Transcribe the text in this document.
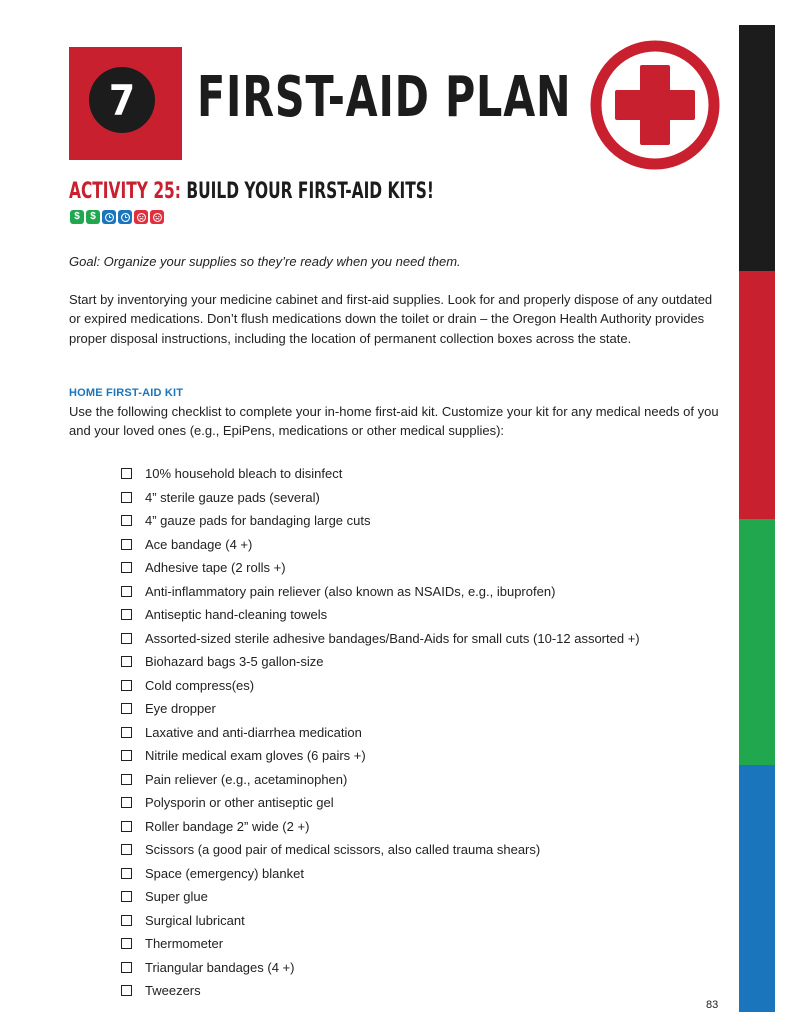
7	FIRST-AID PLAN
ACTIVITY 25: BUILD YOUR FIRST-AID KITS!
$	$

Goal: Organize your supplies so they’re ready when you need them.

Start by inventorying your medicine cabinet and first-aid supplies. Look for and properly dispose of any outdated or expired medications. Don’t flush medications down the toilet or drain – the Oregon Health Authority provides proper disposal instructions, including the location of permanent collection boxes across the state.

HOME FIRST-AID KIT

Use the following checklist to complete your in-home first-aid kit. Customize your kit for any medical needs of you and your loved ones (e.g., EpiPens, medications or other medical supplies):

10% household bleach to disinfect
4” sterile gauze pads (several)
4” gauze pads for bandaging large cuts
Ace bandage (4 +)
Adhesive tape (2 rolls +)
Anti-inflammatory pain reliever (also known as NSAIDs, e.g., ibuprofen)
Antiseptic hand-cleaning towels
Assorted-sized sterile adhesive bandages/Band-Aids for small cuts (10-12 assorted +)
Biohazard bags 3-5 gallon-size
Cold compress(es)
Eye dropper
Laxative and anti-diarrhea medication
Nitrile medical exam gloves (6 pairs +)
Pain reliever (e.g., acetaminophen)
Polysporin or other antiseptic gel
Roller bandage 2” wide (2 +)
Scissors (a good pair of medical scissors, also called trauma shears)
Space (emergency) blanket
Super glue
Surgical lubricant
Thermometer
Triangular bandages (4 +)
Tweezers
83
